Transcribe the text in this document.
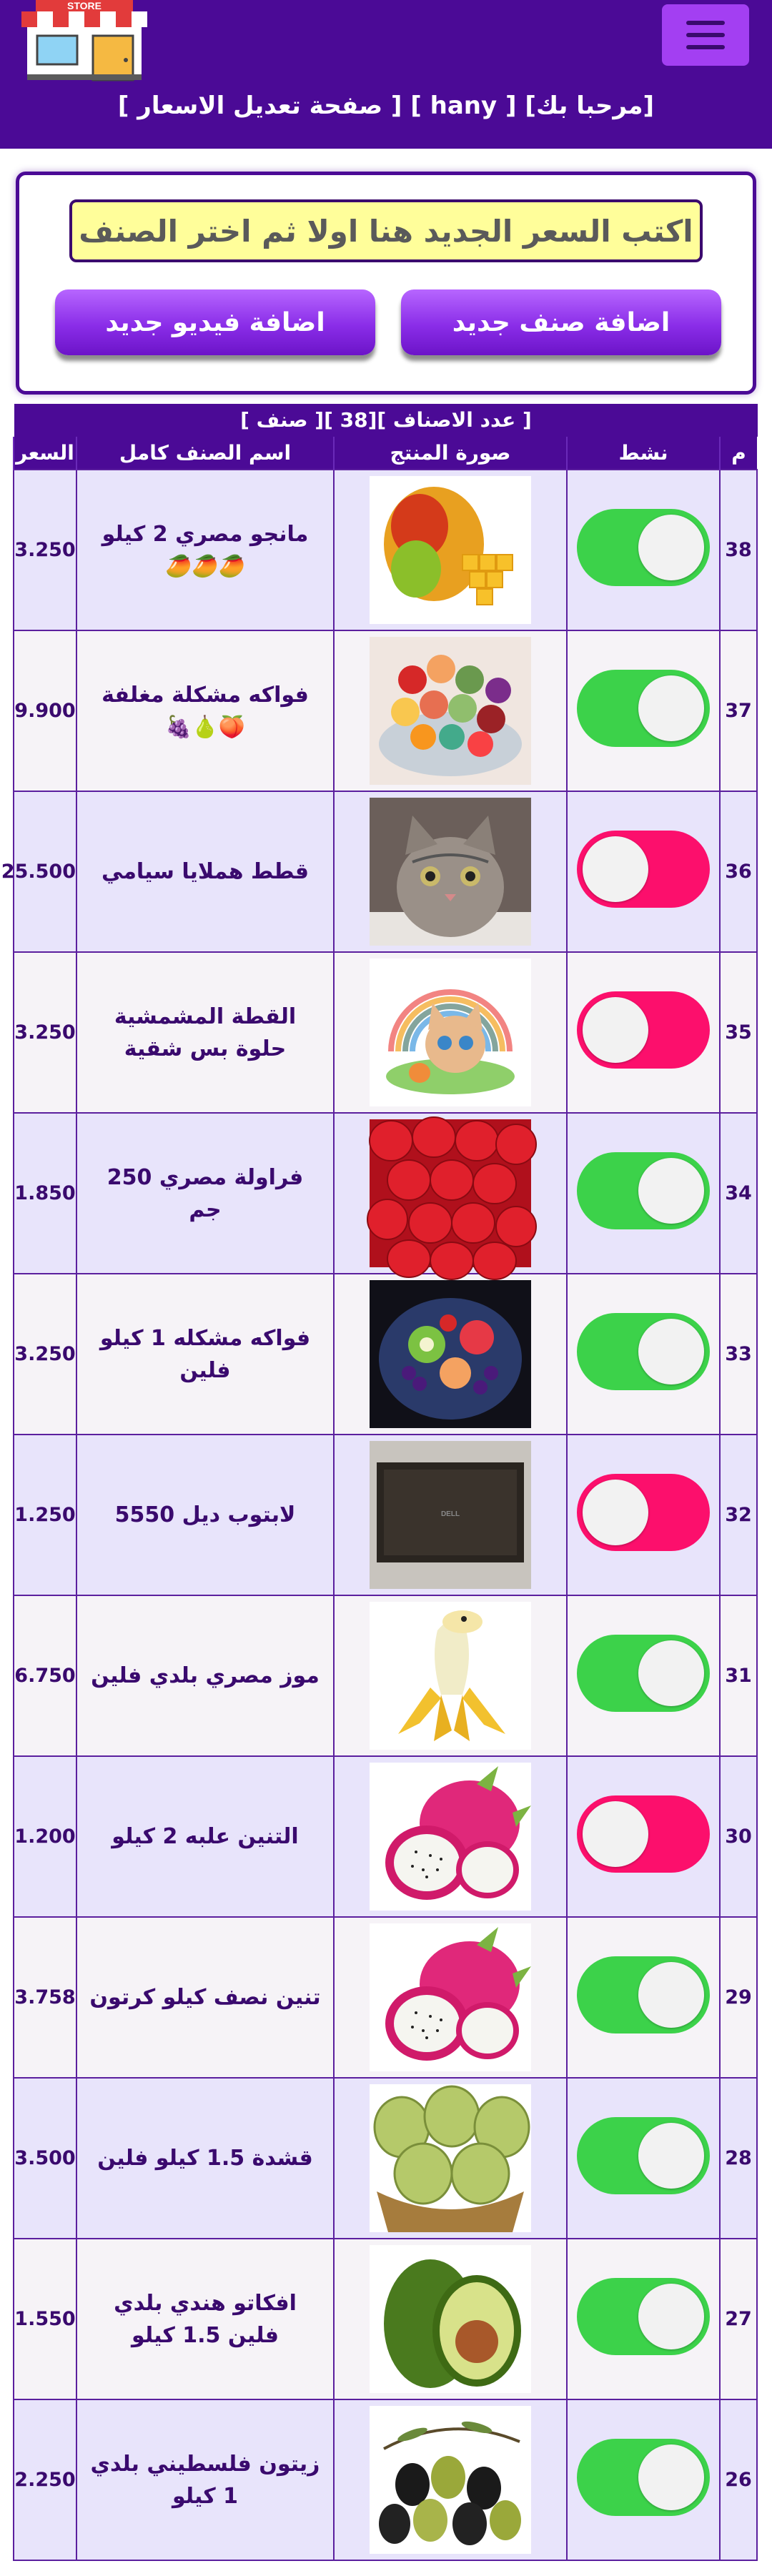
STORE
[مرحبا بك] [ hany ] [ صفحة تعديل الاسعار ]
اكتب السعر الجديد هنا اولا ثم اختر الصنف
اضافة صنف جديد
اضافة فيديو جديد
[ عدد الاصناف ][38 ][ صنف ]
م	نشط	صورة المنتج	اسم الصنف كامل	السعر
38			مانجو مصري 2 كيلو 🥭🥭🥭	3.250
37			فواكه مشكلة مغلفة 🍑🍐🍇	9.900
36			قطط هملايا سيامي	25.500
35			القطة المشمشية حلوة بس شقية	3.250
34			فراولة مصري 250 جم	1.850
33			فواكه مشكله 1 كيلو فلين	3.250
32		DELL	لابتوب ديل 5550	1.250
31			موز مصري بلدي فلين	6.750
30			التنين علبه 2 كيلو	1.200
29			تنين نصف كيلو كرتون	3.758
28			قشدة 1.5 كيلو فلين	3.500
27			افكاتو هندي بلدي فلين 1.5 كيلو	1.550
26			زيتون فلسطيني بلدي 1 كيلو	2.250
